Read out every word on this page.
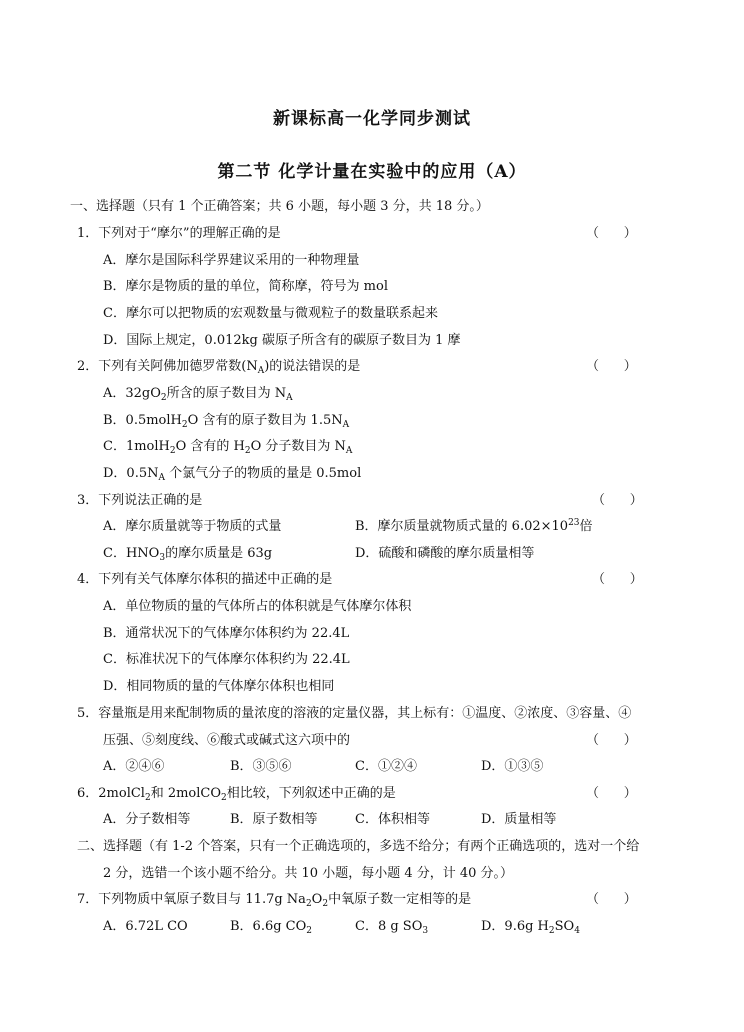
新课标高一化学同步测试
第二节 化学计量在实验中的应用（A）
一、选择题（只有 1 个正确答案；共 6 小题，每小题 3 分，共 18 分。）
1．下列对于“摩尔”的理解正确的是	（      ）
A．摩尔是国际科学界建议采用的一种物理量
B．摩尔是物质的量的单位，简称摩，符号为 mol
C．摩尔可以把物质的宏观数量与微观粒子的数量联系起来
D．国际上规定，0.012kg 碳原子所含有的碳原子数目为 1 摩
2．下列有关阿佛加德罗常数$(N_A)$的说法错误的是	（      ）
A．$32gO_2$所含的原子数目为 $N_A$
B．0.5molH$_2$O 含有的原子数目为 $1.5N_A$
C．1molH$_2$O 含有的 $H_2O$ 分子数目为 $N_A$
D．$0.5N_A$ 个氯气分子的物质的量是 0.5mol
3．下列说法正确的是	（      ）
A．摩尔质量就等于物质的式量	B．摩尔质量就物质式量的 $6.02\times 10^{23}$倍
C．$HNO_3$的摩尔质量是 63g	D．硫酸和磷酸的摩尔质量相等
4．下列有关气体摩尔体积的描述中正确的是	（      ）
A．单位物质的量的气体所占的体积就是气体摩尔体积
B．通常状况下的气体摩尔体积约为 22.4L
C．标准状况下的气体摩尔体积约为 22.4L
D．相同物质的量的气体摩尔体积也相同
5．容量瓶是用来配制物质的量浓度的溶液的定量仪器，其上标有：①温度、②浓度、③容量、④
压强、⑤刻度线、⑥酸式或碱式这六项中的	（      ）
A．②④⑥	B．③⑤⑥	C．①②④	D．①③⑤
6．2molCl$_2$和 2molCO$_2$相比较，下列叙述中正确的是	（      ）
A．分子数相等	B．原子数相等	C．体积相等	D．质量相等
二、选择题（有 1-2 个答案，只有一个正确选项的，多选不给分；有两个正确选项的，选对一个给
2 分，选错一个该小题不给分。共 10 小题，每小题 4 分，计 40 分。）
7．下列物质中氧原子数目与 11.7g $Na_2O_2$中氧原子数一定相等的是	（      ）
A．6.72L CO	B．6.6g $CO_2$	C．8 g $SO_3$	D．9.6g $H_2SO_4$
